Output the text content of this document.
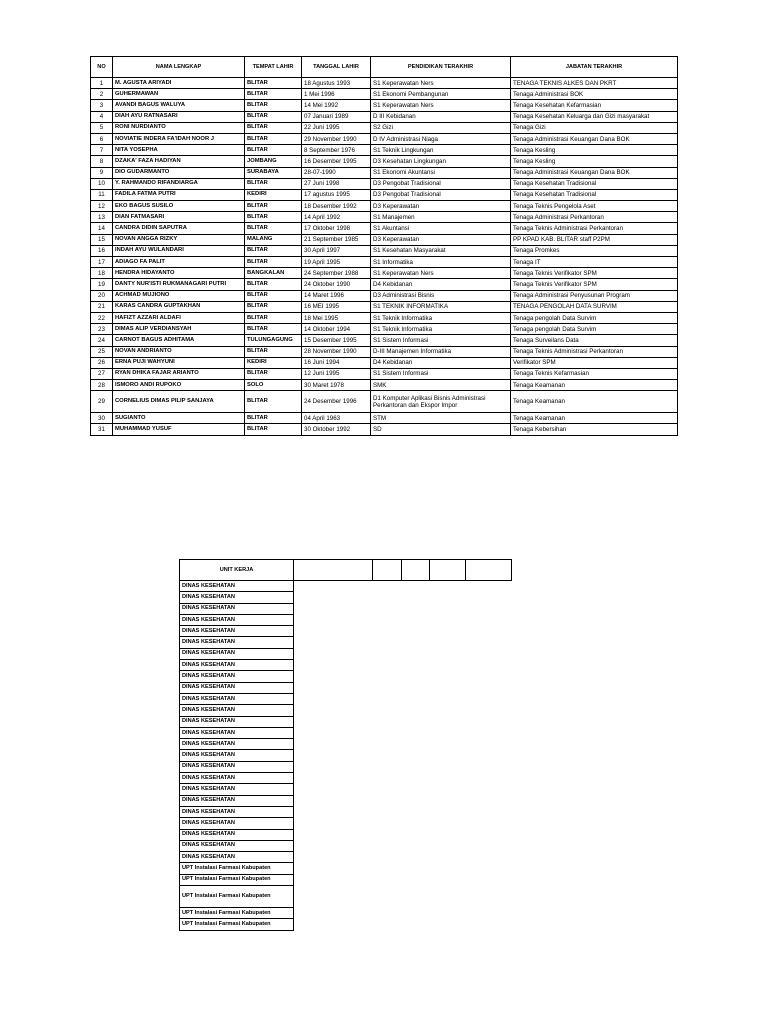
NO	NAMA LENGKAP	TEMPAT LAHIR	TANGGAL LAHIR	PENDIDIKAN TERAKHIR	JABATAN TERAKHIR
1	M. AGUSTA ARIYADI	BLITAR	18 Agustus 1993	S1 Keperawatan Ners	TENAGA TEKNIS ALKES DAN PKRT
2	GUHERMAWAN	BLITAR	1 Mei 1996	S1 Ekonomi Pembangunan	Tenaga Administrasi BOK
3	AVANDI BAGUS WALUYA	BLITAR	14 Mei 1992	S1 Keperawatan Ners	Tenaga Kesehatan Kefarmasian
4	DIAH AYU RATNASARI	BLITAR	07 Januari 1989	D III Kebidanan	Tenaga Kesehatan Keluarga dan Gizi masyarakat
5	RONI NURDIANTO	BLITAR	22 Juni 1995	S2 Gizi	Tenaga Gizi
6	NOVIATIE INDERA FA'IDAH NOOR J	BLITAR	29 November 1990	D IV Administrasi Niaga	Tenaga Administrasi Keuangan Dana BOK
7	NITA YOSEPHA	BLITAR	8 September 1976	S1 Teknik Lingkungan	Tenaga Kesling
8	DZAKA' FAZA HADIYAN	JOMBANG	16 Desember 1995	D3 Kesehatan Lingkungan	Tenaga Kesling
9	DIO GUDARMANTO	SURABAYA	28-07-1990	S1 Ekonomi Akuntansi	Tenaga Administrasi Keuangan Dana BOK
10	Y. RAHMANDO RIFANDIARGA	BLITAR	27 Juni 1998	D3 Pengobat Tradisional	Tenaga Kesehatan Tradisional
11	FADILA FATMA PUTRI	KEDIRI	17 agustus 1995	D3 Pengobat Tradisional	Tenaga Kesehatan Tradisional
12	EKO BAGUS SUSILO	BLITAR	18 Desember 1992	D3 Keperawatan	Tenaga Teknis Pengelola Aset
13	DIAN FATMASARI	BLITAR	14 April 1992	S1 Manajemen	Tenaga Administrasi Perkantoran
14	CANDRA DIDIN SAPUTRA	BLITAR	17 Oktober 1998	S1 Akuntansi	Tenaga Teknis Administrasi Perkantoran
15	NOVAN ANGGA RIZKY	MALANG	21 September 1985	D3 Keperawatan	PP KPAD KAB. BLITAR staff P2PM
16	INDAH AYU WULANDARI	BLITAR	30 April 1997	S1 Kesehatan Masyarakat	Tenaga Promkes
17	ADIAGO FA PALIT	BLITAR	19 April 1995	S1 Informatika	Tenaga IT
18	HENDRA HIDAYANTO	BANGKALAN	24 September 1988	S1 Keperawatan Ners	Tenaga Teknis Verifikator SPM
19	DANTY NUR'ISTI RUKMANAGARI PUTRI	BLITAR	24 Oktober 1990	D4 Kebidanan	Tenaga Teknis Verifikator SPM
20	ACHMAD MUJIONO	BLITAR	14 Maret 1996	D3 Administrasi Bisnis	Tenaga Administrasi Penyusunan Program
21	KARAS CANDRA GUPTAKHAN	BLITAR	16 MEI 1995	S1 TEKNIK INFORMATIKA	TENAGA PENGOLAH DATA SURVIM
22	HAFIZT AZZARI ALDAFI	BLITAR	18 Mei 1995	S1 Teknik Informatika	Tenaga pengolah Data Survim
23	DIMAS ALIP VERDIANSYAH	BLITAR	14 Oktober 1994	S1 Teknik Informatika	Tenaga pengolah Data Survim
24	CARNOT BAGUS ADHITAMA	TULUNGAGUNG	15 Desember 1995	S1 Sistem Informasi	Tenaga Surveilans Data
25	NOVAN ANDRIANTO	BLITAR	28 November 1990	D-III Manajemen Informatika	Tenaga Teknis Administrasi Perkantoran
26	ERNA PUJI WAHYUNI	KEDIRI	16 Juni 1994	D4 Kebidanan	Verifikator SPM
27	RYAN DHIKA FAJAR ARIANTO	BLITAR	12 Juni 1995	S1 Sistem Informasi	Tenaga Teknis Kefarmasian
28	ISMORO ANDI RUPOKO	SOLO	30 Maret 1978	SMK	Tenaga Keamanan
29	CORNELIUS DIMAS PILIP SANJAYA	BLITAR	24 Desember 1996	D1 Komputer Aplikasi Bisnis Administrasi Perkantoran dan Ekspor Impor	Tenaga Keamanan
30	SUGIANTO	BLITAR	04 April 1963	STM	Tenaga Keamanan
31	MUHAMMAD YUSUF	BLITAR	30 Oktober 1992	SD	Tenaga Kebersihan
UNIT KERJA						
DINAS KESEHATAN						
DINAS KESEHATAN						
DINAS KESEHATAN						
DINAS KESEHATAN						
DINAS KESEHATAN						
DINAS KESEHATAN						
DINAS KESEHATAN						
DINAS KESEHATAN						
DINAS KESEHATAN						
DINAS KESEHATAN						
DINAS KESEHATAN						
DINAS KESEHATAN						
DINAS KESEHATAN						
DINAS KESEHATAN						
DINAS KESEHATAN						
DINAS KESEHATAN						
DINAS KESEHATAN						
DINAS KESEHATAN						
DINAS KESEHATAN						
DINAS KESEHATAN						
DINAS KESEHATAN						
DINAS KESEHATAN						
DINAS KESEHATAN						
DINAS KESEHATAN						
DINAS KESEHATAN						
UPT Instalasi Farmasi Kabupaten						
UPT Instalasi Farmasi Kabupaten						
UPT Instalasi Farmasi Kabupaten						
UPT Instalasi Farmasi Kabupaten						
UPT Instalasi Farmasi Kabupaten						
